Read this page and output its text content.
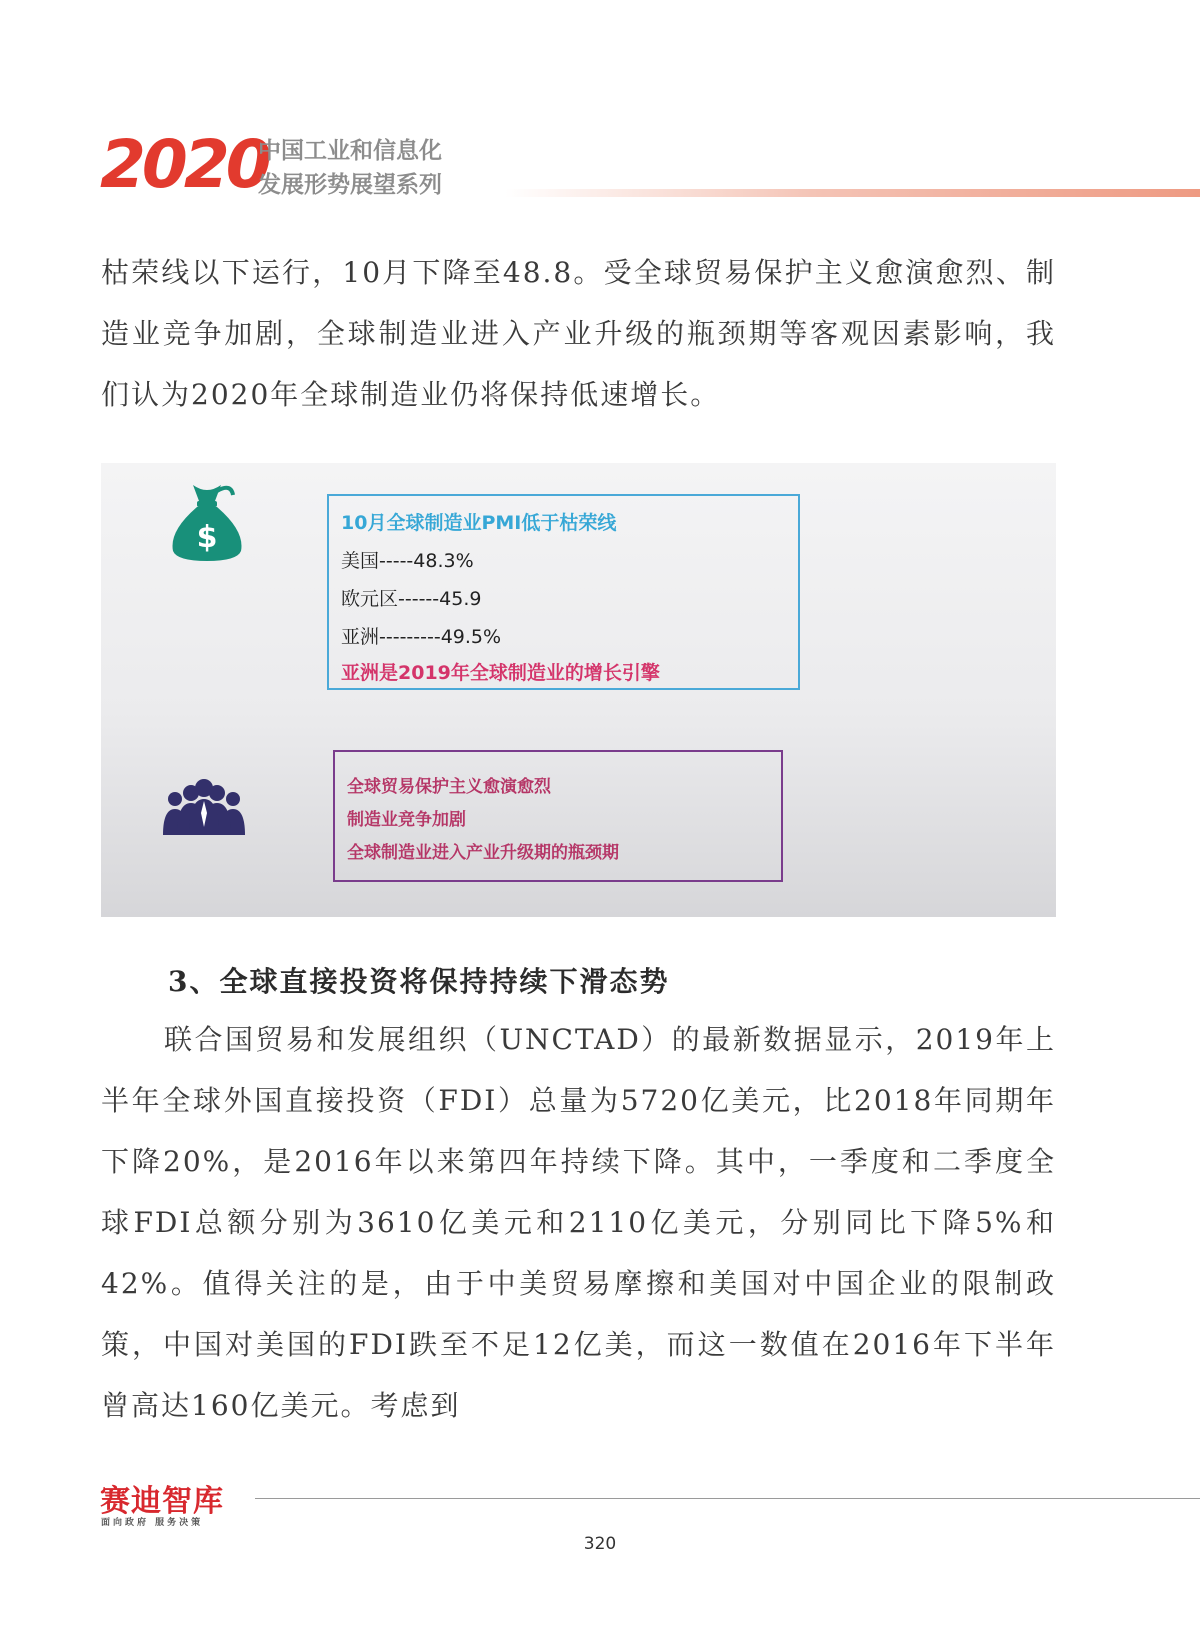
2020
中国工业和信息化
发展形势展望系列

枯荣线以下运行，10月下降至48.8。受全球贸易保护主义愈演愈烈、制造业竞争加剧，全球制造业进入产业升级的瓶颈期等客观因素影响，我们认为2020年全球制造业仍将保持低速增长。

$	10月全球制造业PMI低于枯荣线
美国-----48.3%
欧元区------45.9
亚洲---------49.5%
亚洲是2019年全球制造业的增长引擎
全球贸易保护主义愈演愈烈
制造业竞争加剧
全球制造业进入产业升级期的瓶颈期
3、全球直接投资将保持持续下滑态势

联合国贸易和发展组织（UNCTAD）的最新数据显示，2019年上半年全球外国直接投资（FDI）总量为5720亿美元，比2018年同期年下降20%，是2016年以来第四年持续下降。其中，一季度和二季度全球FDI总额分别为3610亿美元和2110亿美元，分别同比下降5%和42%。值得关注的是，由于中美贸易摩擦和美国对中国企业的限制政策，中国对美国的FDI跌至不足12亿美，而这一数值在2016年下半年曾高达160亿美元。考虑到

赛迪智库
面向政府 服务决策
320
